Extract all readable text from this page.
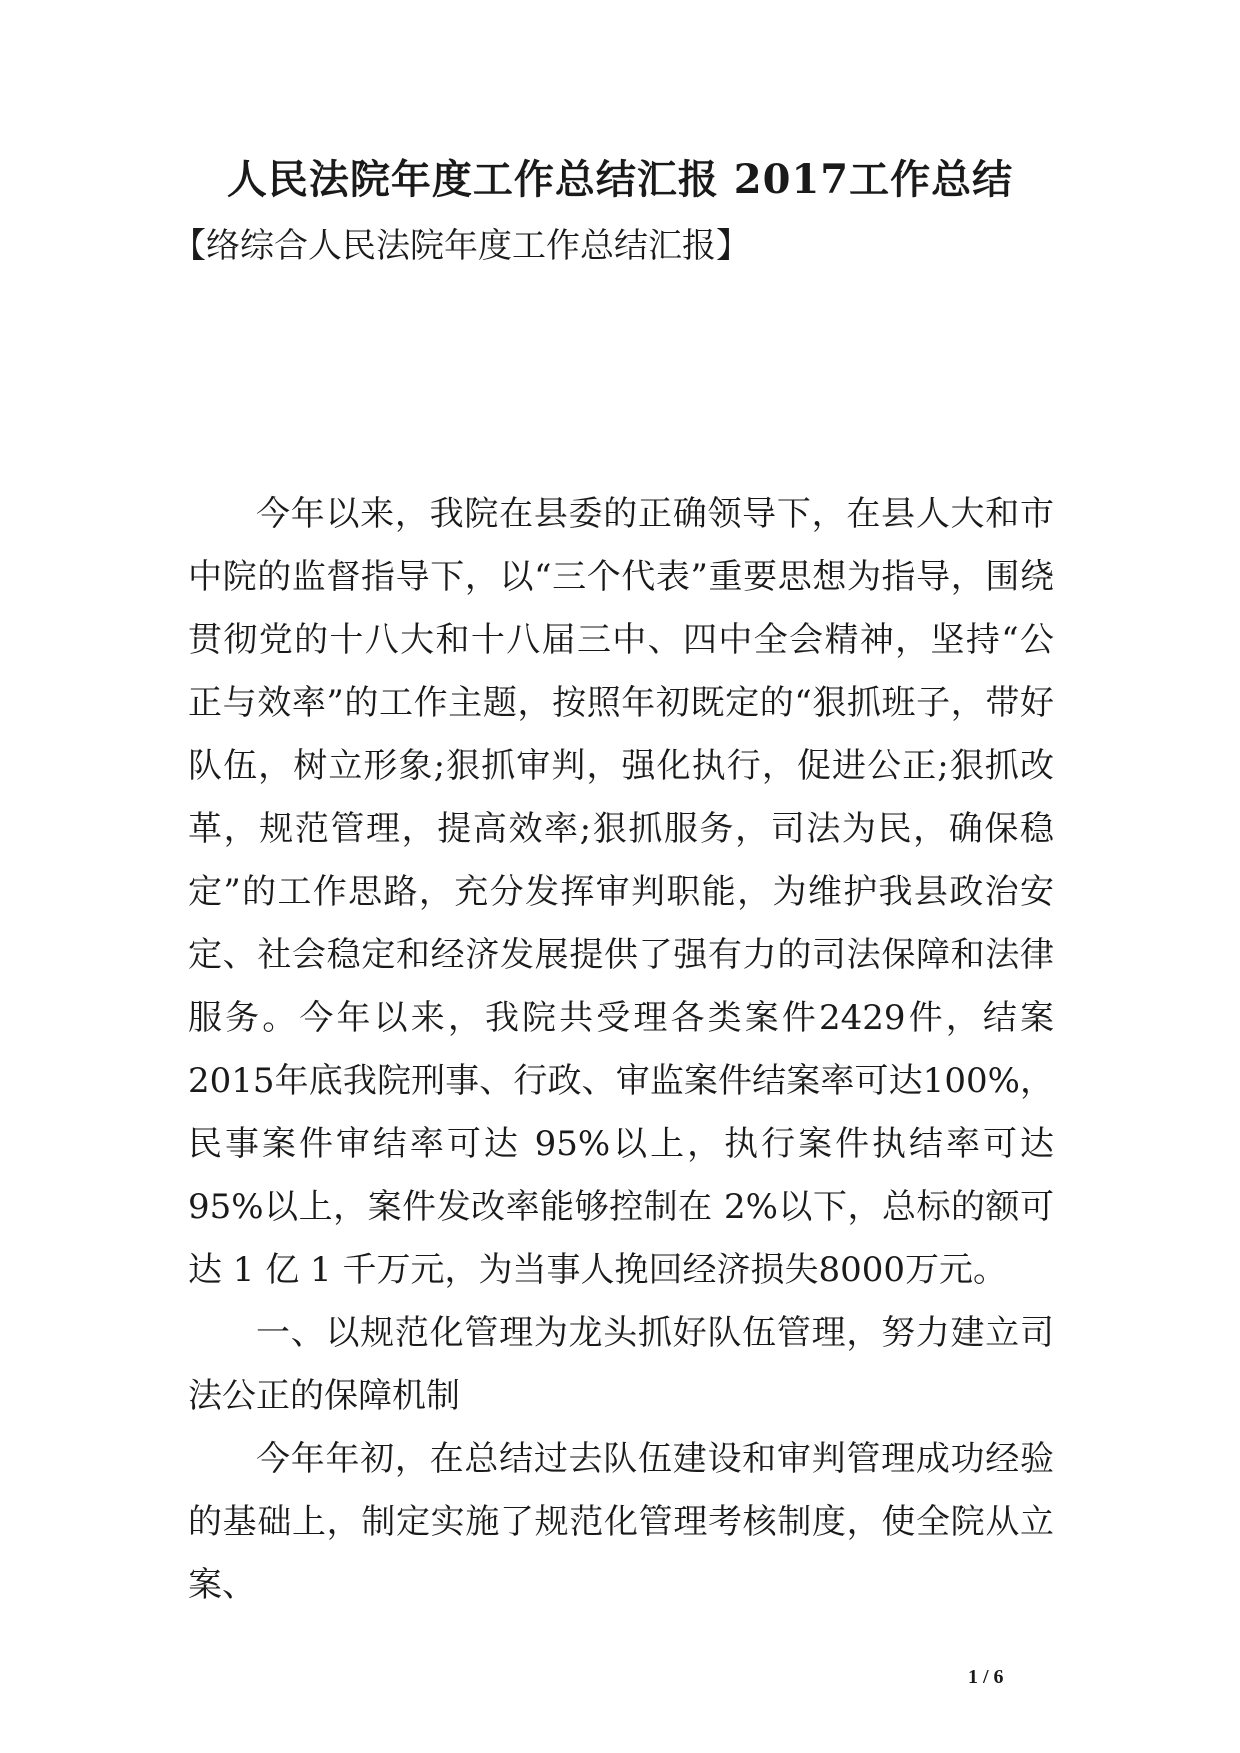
人民法院年度工作总结汇报 2017工作总结
【络综合人民法院年度工作总结汇报】

今年以来，我院在县委的正确领导下，在县人大和市中院的监督指导下，以“三个代表”重要思想为指导，围绕贯彻党的十八大和十八届三中、四中全会精神，坚持“公正与效率”的工作主题，按照年初既定的“狠抓班子，带好队伍，树立形象;狠抓审判，强化执行，促进公正;狠抓改革，规范管理，提高效率;狠抓服务，司法为民，确保稳定”的工作思路，充分发挥审判职能，为维护我县政治安定、社会稳定和经济发展提供了强有力的司法保障和法律服务。今年以来，我院共受理各类案件2429件，结案2015年底我院刑事、行政、审监案件结案率可达100%，民事案件审结率可达 95%以上，执行案件执结率可达 95%以上，案件发改率能够控制在 2%以下，总标的额可达 1 亿 1 千万元，为当事人挽回经济损失8000万元。

一、以规范化管理为龙头抓好队伍管理，努力建立司法公正的保障机制

今年年初，在总结过去队伍建设和审判管理成功经验的基础上，制定实施了规范化管理考核制度，使全院从立案、

1 / 6
